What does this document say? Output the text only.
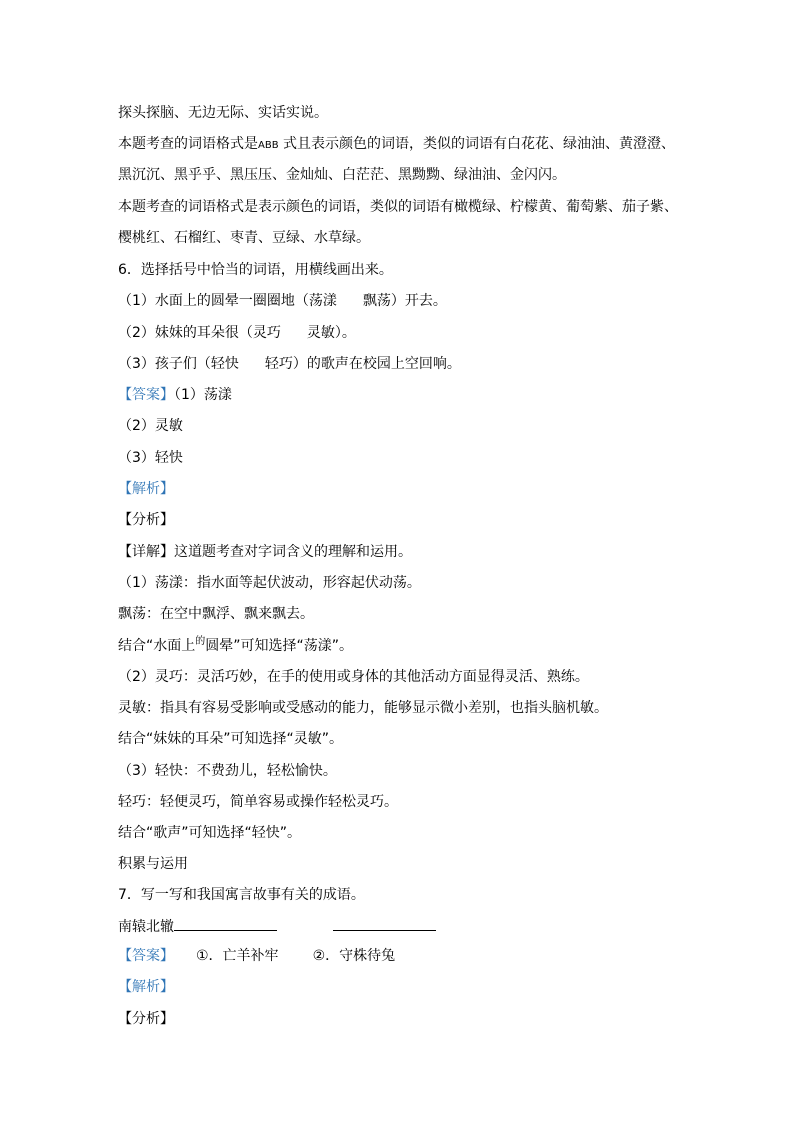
探头探脑、无边无际、实话实说。
本题考查的词语格式是ABB 式且表示颜色的词语，类似的词语有白花花、绿油油、黄澄澄、
黑沉沉、黑乎乎、黑压压、金灿灿、白茫茫、黑黝黝、绿油油、金闪闪。
本题考查的词语格式是表示颜色的词语，类似的词语有橄榄绿、柠檬黄、葡萄紫、茄子紫、
樱桃红、石榴红、枣青、豆绿、水草绿。
6．选择括号中恰当的词语，用横线画出来。
（1）水面上的圆晕一圈圈地（荡漾 飘荡）开去。
（2）妹妹的耳朵很（灵巧 灵敏）。
（3）孩子们（轻快 轻巧）的歌声在校园上空回响。
【答案】（1）荡漾
（2）灵敏
（3）轻快
【解析】
【分析】
【详解】这道题考查对字词含义的理解和运用。
（1）荡漾：指水面等起伏波动，形容起伏动荡。
飘荡：在空中飘浮、飘来飘去。
结合“水面上$^的$圆晕”可知选择“荡漾”。
（2）灵巧：灵活巧妙，在手的使用或身体的其他活动方面显得灵活、熟练。
灵敏：指具有容易受影响或受感动的能力，能够显示微小差别，也指头脑机敏。
结合“妹妹的耳朵”可知选择“灵敏”。
（3）轻快：不费劲儿，轻松愉快。
轻巧：轻便灵巧，简单容易或操作轻松灵巧。
结合“歌声”可知选择“轻快”。
积累与运用
7．写一写和我国寓言故事有关的成语。
南辕北辙
【答案】 ①．亡羊补牢 ②．守株待兔
【解析】
【分析】
